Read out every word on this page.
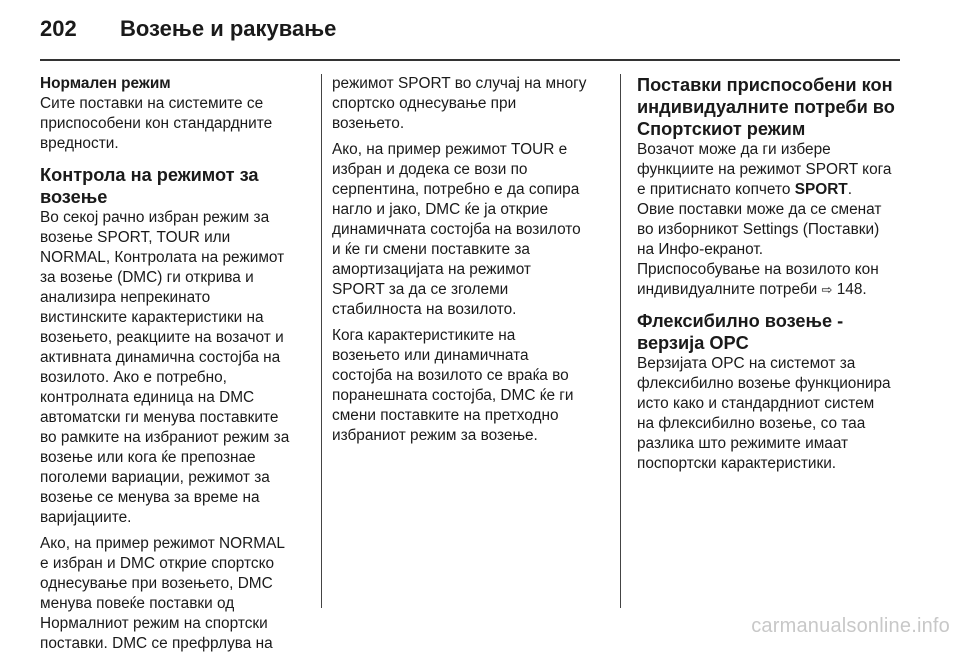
202	Возење и ракување
Нормален режим
Сите поставки на системите се
приспособени кон стандардните
вредности.
Контрола на режимот за
возење
Во секој рачно избран режим за
возење SPORT, TOUR или
NORMAL, Контролата на режимот
за возење (DMC) ги открива и
анализира непрекинато
вистинските карактеристики на
возењето, реакциите на возачот и
активната динамична состојба на
возилото. Ако е потребно,
контролната единица на DMC
автоматски ги менува поставките
во рамките на избраниот режим за
возење или кога ќе препознае
поголеми вариации, режимот за
возење се менува за време на
варијациите.
Ако, на пример режимот NORMAL
е избран и DMC открие спортско
однесување при возењето, DMC
менува повеќе поставки од
Нормалниот режим на спортски
поставки. DMC се префрлува на
режимот SPORT во случај на многу
спортско однесување при
возењето.
Ако, на пример режимот TOUR е
избран и додека се вози по
серпентина, потребно е да сопира
нагло и јако, DMC ќе ја открие
динамичната состојба на возилото
и ќе ги смени поставките за
амортизацијата на режимот
SPORT за да се зголеми
стабилноста на возилото.
Кога карактеристиките на
возењето или динамичната
состојба на возилото се враќа во
поранешната состојба, DMC ќе ги
смени поставките на претходно
избраниот режим за возење.
Поставки приспособени кон
индивидуалните потреби во
Спортскиот режим
Возачот може да ги избере
функциите на режимот SPORT кога
е притиснато копчето SPORT.
Овие поставки може да се сменат
во изборникот Settings (Поставки)
на Инфо-екранот.
Приспособување на возилото кон
индивидуалните потреби ⇨ 148.
Флексибилно возење -
верзија OPC
Верзијата OPC на системот за
флексибилно возење функционира
исто како и стандардниот систем
на флексибилно возење, со таа
разлика што режимите имаат
поспортски карактеристики.
carmanualsonline.info
